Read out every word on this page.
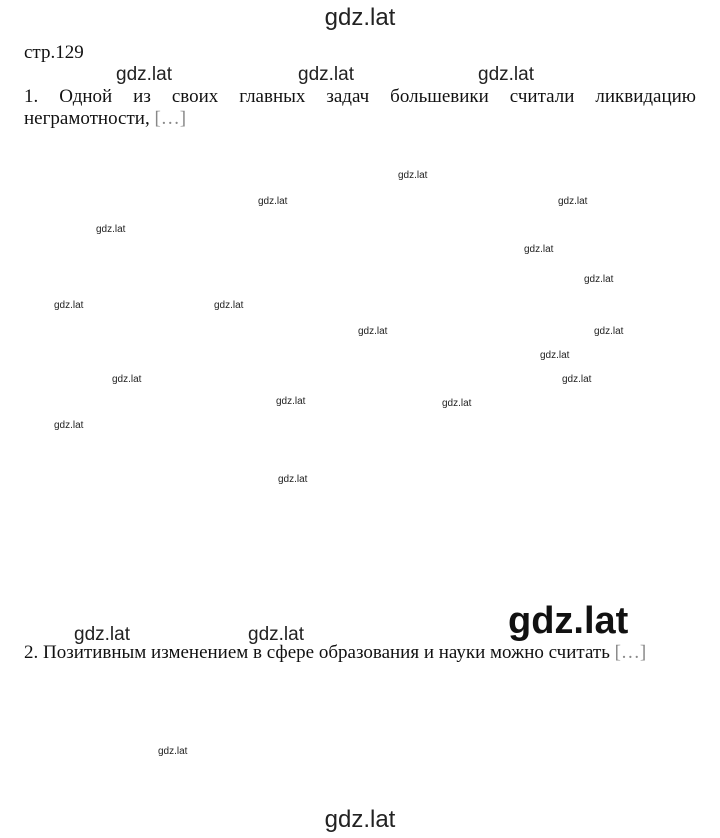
gdz.lat
стр.129

1. Одной из своих главных задач большевики считали ликвидацию неграмотности, […]

2. Позитивным изменением в сфере образования и науки можно считать […]

gdz.lat	gdz.lat	gdz.lat
gdz.lat
gdz.lat	gdz.lat
gdz.lat
gdz.lat
gdz.lat
gdz.lat	gdz.lat
gdz.lat	gdz.lat
gdz.lat
gdz.lat	gdz.lat
gdz.lat	gdz.lat
gdz.lat
gdz.lat
gdz.lat
gdz.lat
gdz.lat	gdz.lat
gdz.lat
